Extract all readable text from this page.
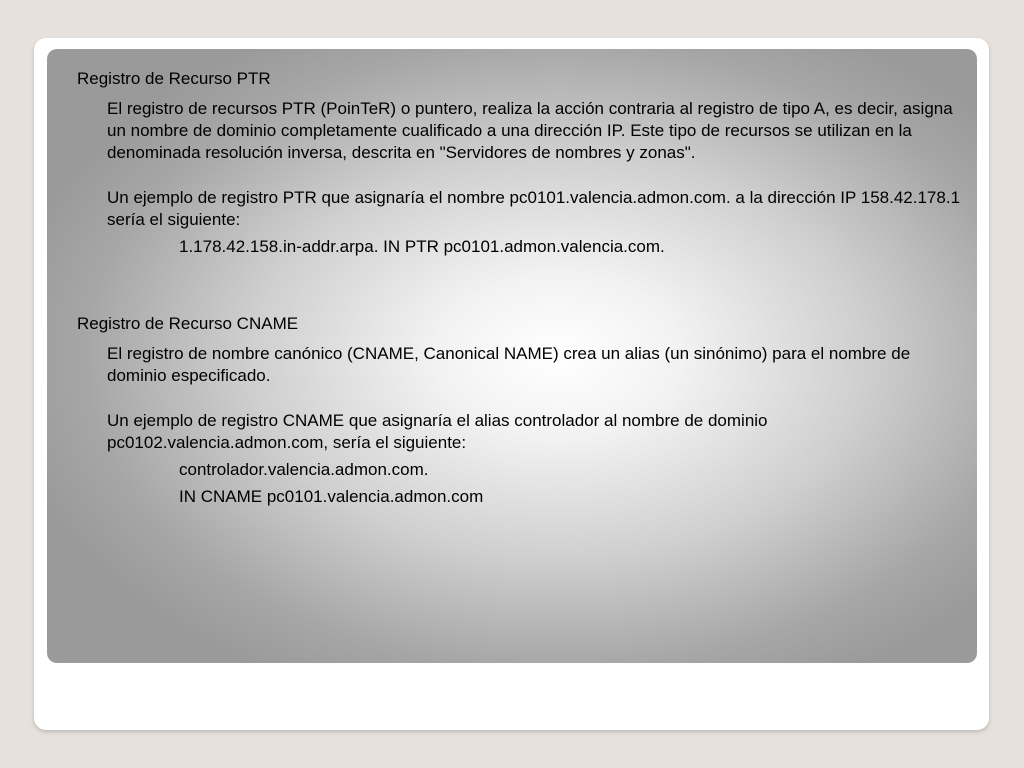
Registro de Recurso PTR

El registro de recursos PTR (PoinTeR) o puntero, realiza la acción contraria al registro de tipo A, es decir, asigna un nombre de dominio completamente cualificado a una dirección IP. Este tipo de recursos se utilizan en la denominada resolución inversa, descrita en "Servidores de nombres y zonas".

Un ejemplo de registro PTR que asignaría el nombre pc0101.valencia.admon.com. a la dirección IP 158.42.178.1 sería el siguiente:

1.178.42.158.in-addr.arpa. IN PTR pc0101.admon.valencia.com.

Registro de Recurso CNAME

El registro de nombre canónico (CNAME, Canonical NAME) crea un alias (un sinónimo) para el nombre de dominio especificado.

Un ejemplo de registro CNAME que asignaría el alias controlador al nombre de dominio pc0102.valencia.admon.com, sería el siguiente:

controlador.valencia.admon.com.

IN CNAME pc0101.valencia.admon.com
